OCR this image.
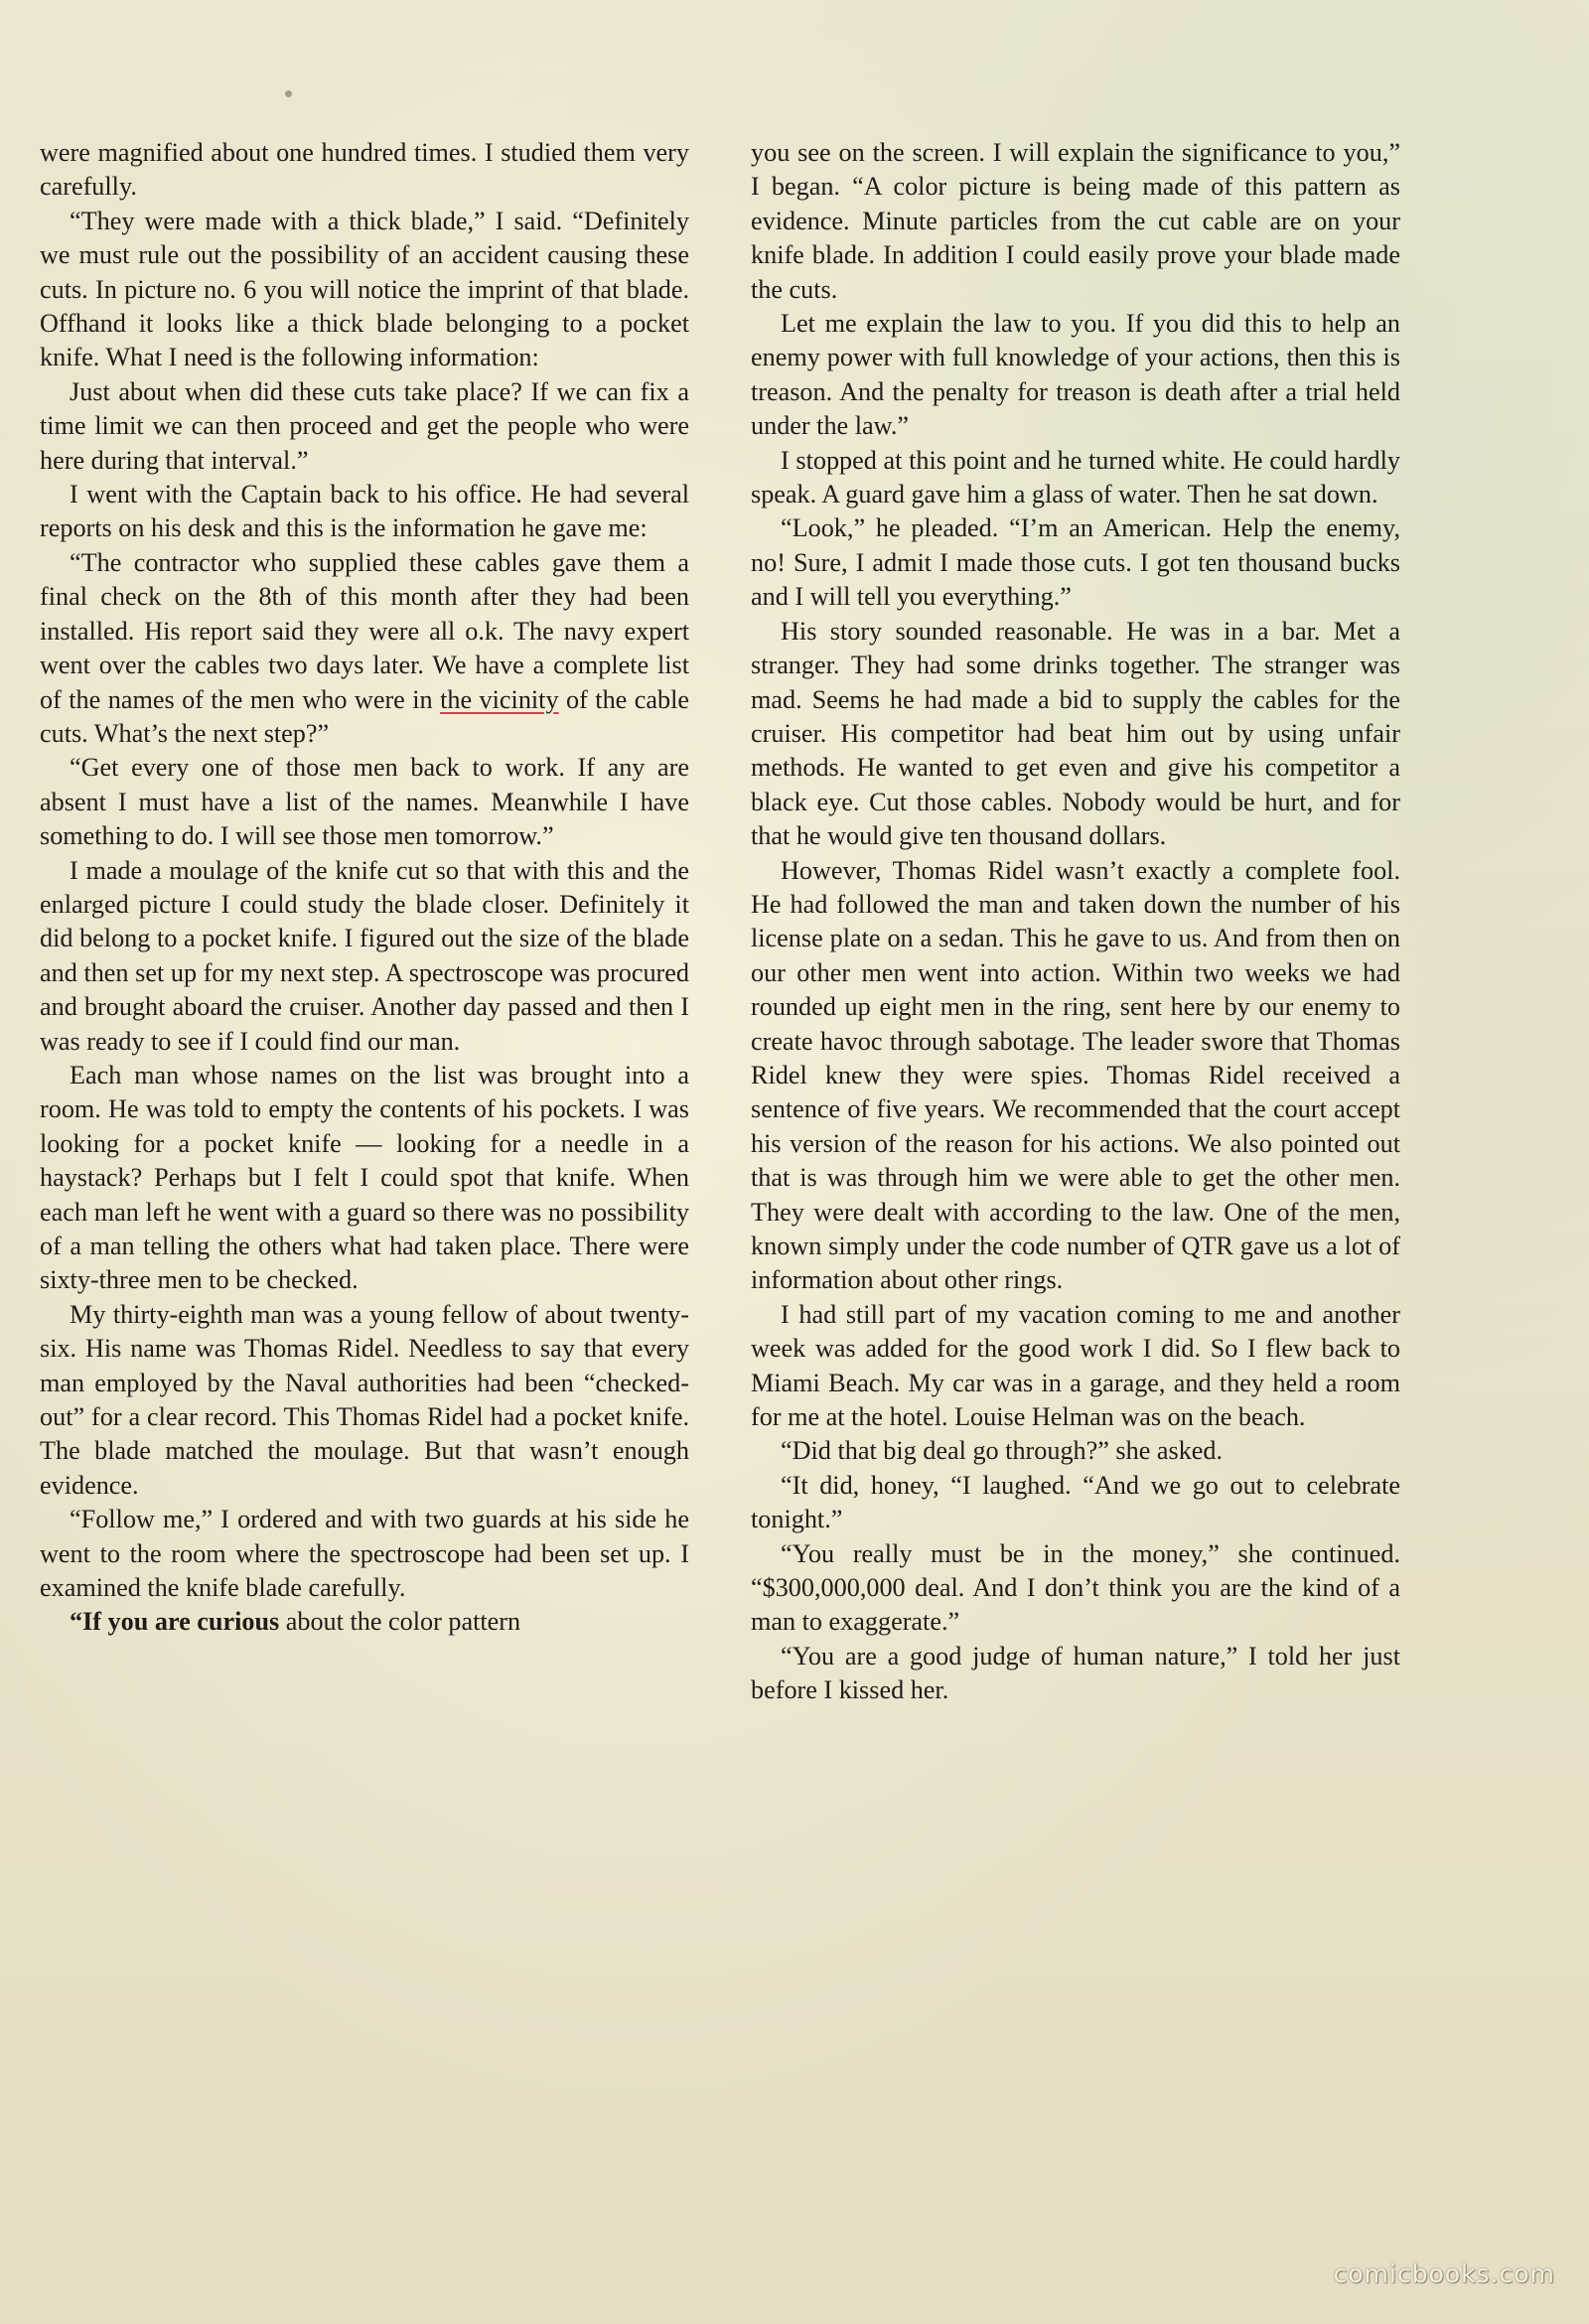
were magnified about one hundred times. I studied them very carefully.

“They were made with a thick blade,” I said. “Definitely we must rule out the possibility of an accident causing these cuts. In picture no. 6 you will notice the imprint of that blade. Offhand it looks like a thick blade belonging to a pocket knife. What I need is the following information:

Just about when did these cuts take place? If we can fix a time limit we can then proceed and get the people who were here during that interval.”

I went with the Captain back to his office. He had several reports on his desk and this is the information he gave me:

“The contractor who supplied these cables gave them a final check on the 8th of this month after they had been installed. His report said they were all o.k. The navy expert went over the cables two days later. We have a complete list of the names of the men who were in the vicinity of the cable cuts. What’s the next step?”

“Get every one of those men back to work. If any are absent I must have a list of the names. Meanwhile I have something to do. I will see those men tomorrow.”

I made a moulage of the knife cut so that with this and the enlarged picture I could study the blade closer. Definitely it did belong to a pocket knife. I figured out the size of the blade and then set up for my next step. A spectroscope was procured and brought aboard the cruiser. Another day passed and then I was ready to see if I could find our man.

Each man whose names on the list was brought into a room. He was told to empty the contents of his pockets. I was looking for a pocket knife — looking for a needle in a haystack? Perhaps but I felt I could spot that knife. When each man left he went with a guard so there was no possibility of a man telling the others what had taken place. There were sixty-three men to be checked.

My thirty-eighth man was a young fellow of about twenty-six. His name was Thomas Ridel. Needless to say that every man employed by the Naval authorities had been “checked-out” for a clear record. This Thomas Ridel had a pocket knife. The blade matched the moulage. But that wasn’t enough evidence.

“Follow me,” I ordered and with two guards at his side he went to the room where the spectroscope had been set up. I examined the knife blade carefully.

“If you are curious about the color pattern

you see on the screen. I will explain the significance to you,” I began. “A color picture is being made of this pattern as evidence. Minute particles from the cut cable are on your knife blade. In addition I could easily prove your blade made the cuts.

Let me explain the law to you. If you did this to help an enemy power with full knowledge of your actions, then this is treason. And the penalty for treason is death after a trial held under the law.”

I stopped at this point and he turned white. He could hardly speak. A guard gave him a glass of water. Then he sat down.

“Look,” he pleaded. “I’m an American. Help the enemy, no! Sure, I admit I made those cuts. I got ten thousand bucks and I will tell you everything.”

His story sounded reasonable. He was in a bar. Met a stranger. They had some drinks together. The stranger was mad. Seems he had made a bid to supply the cables for the cruiser. His competitor had beat him out by using unfair methods. He wanted to get even and give his competitor a black eye. Cut those cables. Nobody would be hurt, and for that he would give ten thousand dollars.

However, Thomas Ridel wasn’t exactly a complete fool. He had followed the man and taken down the number of his license plate on a sedan. This he gave to us. And from then on our other men went into action. Within two weeks we had rounded up eight men in the ring, sent here by our enemy to create havoc through sabotage. The leader swore that Thomas Ridel knew they were spies. Thomas Ridel received a sentence of five years. We recommended that the court accept his version of the reason for his actions. We also pointed out that is was through him we were able to get the other men. They were dealt with according to the law. One of the men, known simply under the code number of QTR gave us a lot of information about other rings.

I had still part of my vacation coming to me and another week was added for the good work I did. So I flew back to Miami Beach. My car was in a garage, and they held a room for me at the hotel. Louise Helman was on the beach.

“Did that big deal go through?” she asked.

“It did, honey, “I laughed. “And we go out to celebrate tonight.”

“You really must be in the money,” she continued. “$300,000,000 deal. And I don’t think you are the kind of a man to exaggerate.”

“You are a good judge of human nature,” I told her just before I kissed her.

comicbooks.com
